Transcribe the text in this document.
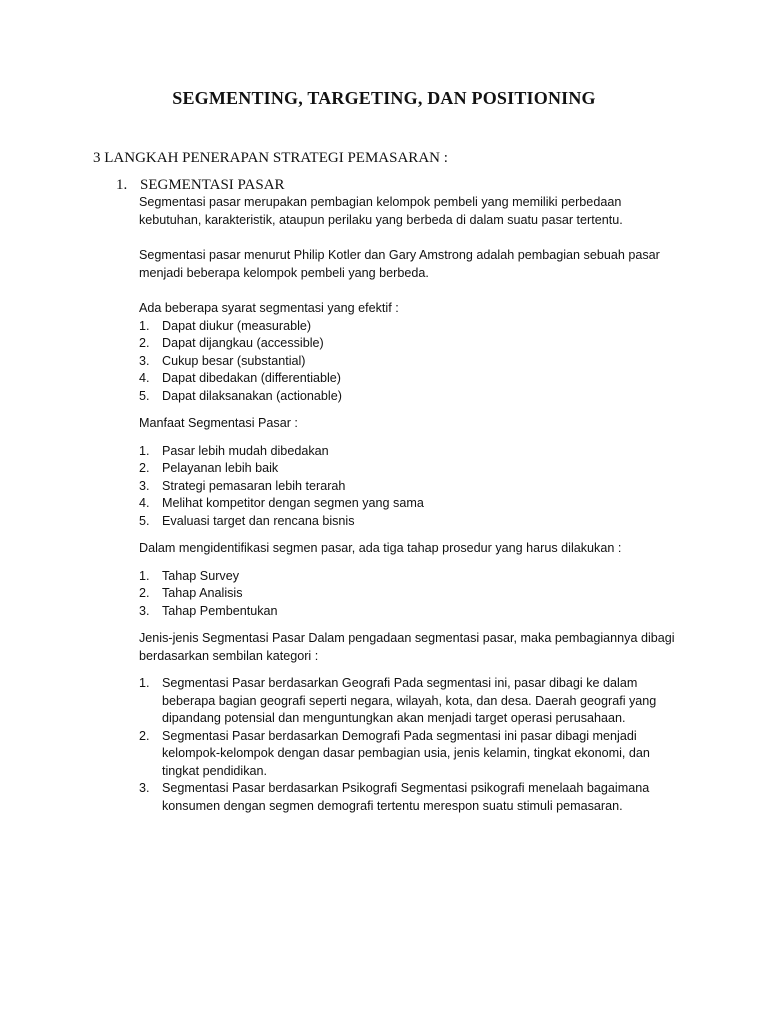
SEGMENTING, TARGETING, DAN POSITIONING
3 LANGKAH PENERAPAN STRATEGI PEMASARAN :
1. SEGMENTASI PASAR

Segmentasi pasar merupakan pembagian kelompok pembeli yang memiliki perbedaan kebutuhan, karakteristik, ataupun perilaku yang berbeda di dalam suatu pasar tertentu.

Segmentasi pasar menurut Philip Kotler dan Gary Amstrong adalah pembagian sebuah pasar menjadi beberapa kelompok pembeli yang berbeda.

Ada beberapa syarat segmentasi yang efektif :

1. Dapat diukur (measurable)
2. Dapat dijangkau (accessible)
3. Cukup besar (substantial)
4. Dapat dibedakan (differentiable)
5. Dapat dilaksanakan (actionable)

Manfaat Segmentasi Pasar :

1. Pasar lebih mudah dibedakan
2. Pelayanan lebih baik
3. Strategi pemasaran lebih terarah
4. Melihat kompetitor dengan segmen yang sama
5. Evaluasi target dan rencana bisnis

Dalam mengidentifikasi segmen pasar, ada tiga tahap prosedur yang harus dilakukan :

1. Tahap Survey
2. Tahap Analisis
3. Tahap Pembentukan

Jenis-jenis Segmentasi Pasar Dalam pengadaan segmentasi pasar, maka pembagiannya dibagi berdasarkan sembilan kategori :

1. Segmentasi Pasar berdasarkan Geografi Pada segmentasi ini, pasar dibagi ke dalam beberapa bagian geografi seperti negara, wilayah, kota, dan desa. Daerah geografi yang dipandang potensial dan menguntungkan akan menjadi target operasi perusahaan.
2. Segmentasi Pasar berdasarkan Demografi Pada segmentasi ini pasar dibagi menjadi kelompok-kelompok dengan dasar pembagian usia, jenis kelamin, tingkat ekonomi, dan tingkat pendidikan.
3. Segmentasi Pasar berdasarkan Psikografi Segmentasi psikografi menelaah bagaimana konsumen dengan segmen demografi tertentu merespon suatu stimuli pemasaran.
